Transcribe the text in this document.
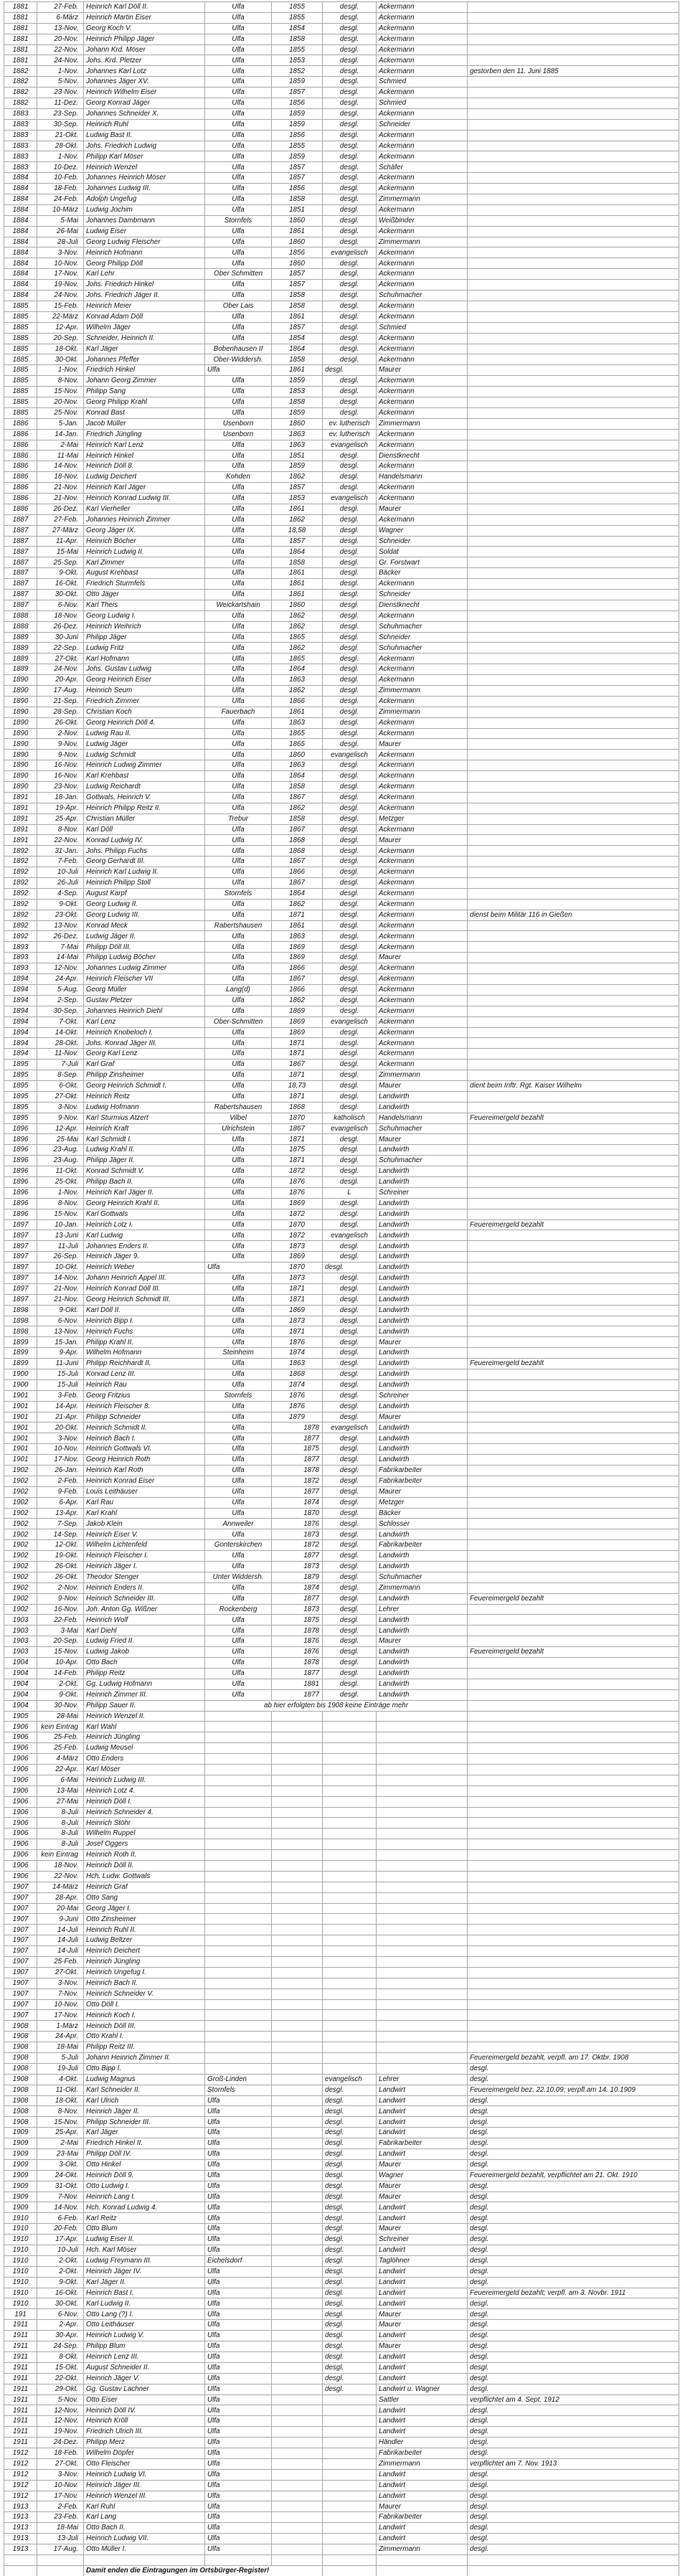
1881	27-Feb.	Heinrich Karl Döll II.	Ulfa	1855	desgl.	Ackermann	
1881	6-März	Heinrich Martin Eiser	Ulfa	1855	desgl.	Ackermann	
1881	13-Nov.	Georg Koch V.	Ulfa	1854	desgl.	Ackermann	
1881	20-Nov.	Heinrich Philipp Jäger	Ulfa	1858	desgl.	Ackermann	
1881	22-Nov.	Johann Krd. Möser	Ulfa	1855	desgl.	Ackermann	
1881	24-Nov.	Johs. Krd. Pletzer	Ulfa	1853	desgl.	Ackermann	
1882	1-Nov.	Johannes Karl Lotz	Ulfa	1852	desgl.	Ackermann	gestorben den 11. Juni 1885
1882	5-Nov.	Johannes Jäger XV.	Ulfa	1859	desgl.	Schmied	
1882	23-Nov.	Heinrich Wilhelm Eiser	Ulfa	1857	desgl.	Ackermann	
1882	11-Dez.	Georg Konrad Jäger	Ulfa	1856	desgl.	Schmied	
1883	23-Sep.	Johannes Schneider X.	Ulfa	1859	desgl.	Ackermann	
1883	30-Sep.	Heinrich Ruhl	Ulfa	1859	desgl.	Schneider	
1883	21-Okt.	Ludwig Bast II.	Ulfa	1856	desgl.	Ackermann	
1883	28-Okt.	Johs. Friedrich Ludwig	Ulfa	1855	desgl.	Ackermann	
1883	1-Nov.	Philipp Karl Möser	Ulfa	1859	desgl.	Ackermann	
1883	10-Dez.	Heinrich Wenzel	Ulfa	1857	desgl.	Schäfer	
1884	10-Feb.	Johannes Heinrich Möser	Ulfa	1857	desgl.	Ackermann	
1884	18-Feb.	Johannes Ludwig III.	Ulfa	1856	desgl.	Ackermann	
1884	24-Feb.	Adolph Ungefug	Ulfa	1858	desgl.	Zimmermann	
1884	10-März	Ludwig Jochim	Ulfa	1851	desgl.	Ackermann	
1884	5-Mai	Johannes Dambmann	Stornfels	1860	desgl.	Weißbinder	
1884	26-Mai	Ludwig Eiser	Ulfa	1861	desgl.	Ackermann	
1884	28-Juli	Georg Ludwig Fleischer	Ulfa	1860	desgl.	Zimmermann	
1884	3-Nov.	Heinrich Hofmann	Ulfa	1856	evangelisch	Ackermann	
1884	10-Nov.	Georg Philipp Döll	Ulfa	1860	desgl.	Ackermann	
1884	17-Nov.	Karl Lehr	Ober Schmitten	1857	desgl.	Ackermann	
1884	19-Nov.	Johs. Friedrich Hinkel	Ulfa	1857	desgl.	Ackermann	
1884	24-Nov.	Johs. Friedrich Jäger II.	Ulfa	1858	desgl.	Schuhmacher	
1885	15-Feb.	Heinrich Meier	Ober Lais	1858	desgl.	Ackermann	
1885	22-März	Konrad Adam Döll	Ulfa	1861	desgl.	Ackermann	
1885	12-Apr.	Wilhelm Jäger	Ulfa	1857	desgl.	Schmied	
1885	20-Sep.	Schneider, Heinrich II.	Ulfa	1854	desgl.	Ackermann	
1885	18-Okt.	Karl Jäger	Bobenhausen II	1864	desgl.	Ackermann	
1885	30-Okt.	Johannes Pfeffer	Ober-Widdersh.	1858	desgl.	Ackermann	
1885	1-Nov.	Friedrich Hinkel	Ulfa	1861	desgl.	Maurer	
1885	8-Nov.	Johann Georg Zimmer	Ulfa	1859	desgl.	Ackermann	
1885	15-Nov.	Philipp Sang	Ulfa	1853	desgl.	Ackermann	
1885	20-Nov.	Georg Philipp Krahl	Ulfa	1858	desgl.	Ackermann	
1885	25-Nov.	Konrad Bast	Ulfa	1859	desgl.	Ackermann	
1886	5-Jan.	Jacob Müller	Usenborn	1860	ev. lutherisch	Zimmermann	
1886	14-Jan.	Friedrich Jüngling	Usenborn	1863	ev. lutherisch	Ackermann	
1886	2-Mai	Heinrich Karl Lenz	Ulfa	1863	evangelisch	Ackermann	
1886	11-Mai	Heinrich Hinkel	Ulfa	1851	desgl.	Dienstknecht	
1886	14-Nov.	Heinrich Döll 8.	Ulfa	1859	desgl.	Ackermann	
1886	18-Nov.	Ludwig Deichert	Kohden	1862	desgl.	Handelsmann	
1886	21-Nov.	Heinrich Karl Jäger	Ulfa	1857	desgl.	Ackermann	
1886	21-Nov.	Heinrich Konrad Ludwig III.	Ulfa	1853	evangelisch	Ackermann	
1886	26-Dez.	Karl Vierheller	Ulfa	1861	desgl.	Maurer	
1887	27-Feb.	Johannes Heinrich Zimmer	Ulfa	1862	desgl.	Ackermann	
1887	27-März	Georg Jäger IX.	Ulfa	18,58	desgl.	Wagner	
1887	11-Apr.	Heinrich Böcher	Ulfa	1857	desgl.	Schneider	
1887	15-Mai	Heinrich Ludwig II.	Ulfa	1864	desgl.	Soldat	
1887	25-Sep.	Karl Zimmer	Ulfa	1858	desgl.	Gr. Forstwart	
1887	9-Okt.	August Krehbast	Ulfa	1861	desgl.	Bäcker	
1887	16-Okt.	Friedrich Sturmfels	Ulfa	1861	desgl.	Ackermann	
1887	30-Okt.	Otto Jäger	Ulfa	1861	desgl.	Schneider	
1887	6-Nov.	Karl Theis	Weickartshain	1860	desgl.	Dienstknecht	
1888	18-Nov.	Georg Ludwig I.	Ulfa	1862	desgl.	Ackermann	
1888	26-Dez.	Heinrich Weihrich	Ulfa	1862	desgl.	Schuhmacher	
1889	30-Juni	Philipp Jäger	Ulfa	1865	desgl.	Schneider	
1889	22-Sep.	Ludwig Fritz	Ulfa	1862	desgl.	Schuhmacher	
1889	27-Okt.	Karl Hofmann	Ulfa	1865	desgl.	Ackermann	
1889	24-Nov.	Johs. Gustav Ludwig	Ulfa	1864	desgl.	Ackermann	
1890	20-Apr.	Georg Heinrich Eiser	Ulfa	1863	desgl.	Ackermann	
1890	17-Aug.	Heinrich Seum	Ulfa	1862	desgl.	Zimmermann	
1890	21-Sep.	Friedrich Zimmer	Ulfa	1866	desgl.	Ackermann	
1890	28-Sep.	Christian Koch	Fauerbach	1861	desgl.	Zimmermann	
1890	26-Okt.	Georg Heinrich Döll 4.	Ulfa	1863	desgl.	Ackermann	
1890	2-Nov.	Ludwig Rau II.	Ulfa	1865	desgl.	Ackermann	
1890	9-Nov.	Ludwig Jäger	Ulfa	1865	desgl.	Maurer	
1890	9-Nov.	Ludwig Schmidt	Ulfa	1860	evangelisch	Ackermann	
1890	16-Nov.	Heinrich Ludwig Zimmer	Ulfa	1863	desgl.	Ackermann	
1890	16-Nov.	Karl Krehbast	Ulfa	1864	desgl.	Ackermann	
1890	23-Nov.	Ludwig Reichardt	Ulfa	1858	desgl.	Ackermann	
1891	18-Jan.	Gottwals, Heinrich V.	Ulfa	1867	desgl.	Ackermann	
1891	19-Apr.	Heinrich Philipp Reitz II.	Ulfa	1862	desgl.	Ackermann	
1891	25-Apr.	Christian Müller	Trebur	1858	desgl.	Metzger	
1891	8-Nov.	Karl Döll	Ulfa	1867	desgl.	Ackermann	
1891	22-Nov.	Konrad Ludwig IV.	Ulfa	1868	desgl.	Maurer	
1892	31-Jan.	Johs. Philipp Fuchs	Ulfa	1868	desgl.	Ackermann	
1892	7-Feb.	Georg Gerhardt III.	Ulfa	1867	desgl.	Ackermann	
1892	10-Juli	Heinrich Karl Ludwig II.	Ulfa	1866	desgl.	Ackermann	
1892	26-Juli	Heinrich Philipp Stoll	Ulfa	1867	desgl.	Ackermann	
1892	4-Sep.	August Karpf	Stornfels	1864	desgl.	Ackermann	
1892	9-Okt.	Georg Ludwig II.	Ulfa	1862	desgl.	Ackermann	
1892	23-Okt.	Georg Ludwig III.	Ulfa	1871	desgl.	Ackermann	dienst beim Militär 116 in Gießen
1892	13-Nov.	Konrad Meck	Rabertshausen	1861	desgl.	Ackermann	
1892	26-Dez.	Ludwig Jäger II.	Ulfa	1863	desgl.	Ackermann	
1893	7-Mai	Philipp Döll III.	Ulfa	1869	desgl.	Ackermann	
1893	14-Mai	Philipp Ludwig Böcher	Ulfa	1869	desgl.	Maurer	
1893	12-Nov.	Johannes Ludwig Zimmer	Ulfa	1866	desgl.	Ackermann	
1894	24-Apr.	Heinrich Fleischer VII	Ulfa	1867	desgl.	Ackermann	
1894	5-Aug.	Georg Müller	Lang(d)	1866	desgl.	Ackermann	
1894	2-Sep.	Gustav Pletzer	Ulfa	1862	desgl.	Ackermann	
1894	30-Sep.	Johannes Heinrich Diehl	Ulfa	1869	desgl.	Ackermann	
1894	7-Okt.	Karl Lenz	Ober-Schmitten	1869	evangelisch	Ackermann	
1894	14-Okt.	Heinrich Knobeloch I.	Ulfa	1869	desgl.	Ackermann	
1894	28-Okt.	Johs. Konrad Jäger III.	Ulfa	1871	desgl.	Ackermann	
1894	11-Nov.	Georg Karl Lenz	Ulfa	1871	desgl.	Ackermann	
1895	7-Juli	Karl Graf	Ulfa	1867	desgl.	Ackermann	
1895	8-Sep.	Philipp Zinsheimer	Ulfa	1871	desgl.	Zimmermann	
1895	6-Okt.	Georg Heinrich Schmidt I.	Ulfa	18,73	desgl.	Maurer	dient beim Inftr. Rgt. Kaiser Wilhelm
1895	27-Okt.	Heinrich Reitz	Ulfa	1871	desgl.	Landwirth	
1895	3-Nov.	Ludwig Hofmann	Rabertshausen	1868	desgl.	Landwirth	
1895	9-Nov.	Karl Sturmius Atzert	Vilbel	1870	katholisch	Handelsmann	Feuereimergeld bezahlt
1896	12-Apr.	Heinrich Kraft	Ulrichstein	1867	evangelisch	Schuhmacher	
1896	25-Mai	Karl Schmidt I.	Ulfa	1871	desgl.	Maurer	
1896	23-Aug.	Ludwig Krahl II.	Ulfa	1875	desgl.	Landwirth	
1896	23-Aug.	Philipp Jäger II.	Ulfa	1871	desgl.	Schuhmacher	
1896	11-Okt.	Konrad Schmidt V.	Ulfa	1872	desgl.	Landwirth	
1896	25-Okt.	Philipp Bach II.	Ulfa	1876	desgl.	Landwirth	
1896	1-Nov.	Heinrich Karl Jäger II.	Ulfa	1876	L	Schreiner	
1896	8-Nov.	Georg Heinrich Krahl II.	Ulfa	1869	desgl.	Landwirth	
1896	15-Nov.	Karl Gottwals	Ulfa	1872	desgl.	Landwirth	
1897	10-Jan.	Heinrich Lotz I.	Ulfa	1870	desgl.	Landwirth	Feuereimergeld bezahlt
1897	13-Juni	Karl Ludwig	Ulfa	1872	evangelisch	Landwirth	
1897	11-Juli	Johannes Enders II.	Ulfa	1873	desgl.	Landwirth	
1897	26-Sep.	Heinrich Jäger 9.	Ulfa	1869	desgl.	Landwirth	
1897	10-Okt.	Heinrich Weber	Ulfa	1870	desgl.	Landwirth	
1897	14-Nov.	Johann Heinrich Appel III.	Ulfa	1873	desgl.	Landwirth	
1897	21-Nov.	Heinrich Konrad Döll III.	Ulfa	1871	desgl.	Landwirth	
1897	21-Nov.	Georg Heinrich Schmidt III.	Ulfa	1871	desgl.	Landwirth	
1898	9-Okt.	Karl Döll II.	Ulfa	1869	desgl.	Landwirth	
1898	6-Nov.	Heinrich Bipp I.	Ulfa	1873	desgl.	Landwirth	
1898	13-Nov.	Heinrich Fuchs	Ulfa	1871	desgl.	Landwirth	
1899	15-Jan.	Philipp Krahl II.	Ulfa	1876	desgl.	Maurer	
1899	9-Apr.	Wilhelm Hofmann	Steinheim	1874	desgl.	Landwirth	
1899	11-Juni	Philipp Reichhardt II.	Ulfa	1863	desgl.	Landwirth	Feuereimergeld bezahlt
1900	15-Juli	Konrad Lenz III.	Ulfa	1868	desgl.	Landwirth	
1900	15-Juli	Heinrich Rau	Ulfa	1874	desgl.	Landwirth	
1901	3-Feb.	Georg Fritzius	Stornfels	1876	desgl.	Schreiner	
1901	14-Apr.	Heinrich Fleischer 8.	Ulfa	1876	desgl.	Landwirth	
1901	21-Apr.	Philipp Schneider	Ulfa	1879	desgl.	Maurer	
1901	20-Okt.	Heinrich Schmidt II.	Ulfa	1878	evangelisch	Landwirth	
1901	3-Nov.	Heinrich Bach I.	Ulfa	1877	desgl.	Landwirth	
1901	10-Nov.	Heinrich Gottwals VI.	Ulfa	1875	desgl.	Landwirth	
1901	17-Nov.	Georg Heinrich Roth	Ulfa	1877	desgl.	Landwirth	
1902	26-Jan.	Heinrich Karl Roth	Ulfa	1878	desgl.	Fabrikarbeiter	
1902	2-Feb.	Heinrich Konrad Eiser	Ulfa	1872	desgl.	Fabrikarbeiter	
1902	9-Feb.	Louis Leithäuser	Ulfa	1877	desgl.	Maurer	
1902	6-Apr.	Karl Rau	Ulfa	1874	desgl.	Metzger	
1902	13-Apr.	Karl Krahl	Ulfa	1870	desgl.	Bäcker	
1902	7-Sep.	Jakob Klein	Annweiler	1876	desgl.	Schlosser	
1902	14-Sep.	Heinrich Eiser V.	Ulfa	1873	desgl.	Landwirth	
1902	12-Okt.	Wilhelm Lichtenfeld	Gonterskirchen	1872	desgl.	Fabrikarbeiter	
1902	19-Okt.	Heinrich Fleischer I.	Ulfa	1877	desgl.	Landwirth	
1902	26-Okt.	Heinrich Jäger I.	Ulfa	1873	desgl.	Landwirth	
1902	26-Okt.	Theodor Stenger	Unter Widdersh.	1879	desgl.	Schuhmacher	
1902	2-Nov.	Heinrich Enders II.	Ulfa	1874	desgl.	Zimmermann	
1902	9-Nov.	Heinrich Schneider III.	Ulfa	1877	desgl.	Landwirth	Feuereimergeld bezahlt
1902	16-Nov.	Joh. Anton Gg. Wißner	Rockenberg	1873	desgl.	Lehrer	
1903	22-Feb.	Heinrich Wolf	Ulfa	1875	desgl.	Landwirth	
1903	3-Mai	Karl Diehl	Ulfa	1878	desgl.	Landwirth	
1903	20-Sep.	Ludwig Fried II.	Ulfa	1876	desgl.	Maurer	
1903	15-Nov.	Ludwig Jakob	Ulfa	1876	desgl.	Landwirth	Feuereimergeld bezahlt
1904	10-Apr.	Otto Bach	Ulfa	1878	desgl.	Landwirth	
1904	14-Feb.	Philipp Reitz	Ulfa	1877	desgl.	Landwirth	
1904	2-Okt.	Gg. Ludwig Hofmann	Ulfa	1881	desgl.	Landwirth	
1904	9-Okt.	Heinrich Zimmer III.	Ulfa	1877	desgl.	Landwirth	
1904	30-Nov.	Philipp Sauer II.	ab hier erfolgten bis 1908 keine Einträge mehr				
1905	28-Mai	Heinrich Wenzel II.					
1906	kein Eintrag	Karl Wahl					
1906	25-Feb.	Heinrich Jüngling					
1906	25-Feb.	Ludwig Meusel					
1906	4-März	Otto Enders					
1906	22-Apr.	Karl Möser					
1906	6-Mai	Heinrich Ludwig III.					
1906	13-Mai	Heinrich Lotz 4.					
1906	27-Mai	Heinrich Döll I.					
1906	8-Juli	Heinrich Schneider 4.					
1906	8-Juli	Heinrich Stöhr					
1906	8-Juli	Wilhelm Ruppel					
1906	8-Juli	Josef Oggers					
1906	kein Eintrag	Heinrich Roth II.					
1906	18-Nov.	Heinrich Döll II.					
1906	22-Nov.	Hch. Ludw. Gottwals					
1907	14-März	Heinrich Graf					
1907	28-Apr.	Otto Sang					
1907	20-Mai	Georg Jäger I.					
1907	9-Juni	Otto Zinsheimer					
1907	14-Juli	Heinrich Ruhl II.					
1907	14-Juli	Ludwig Beltzer					
1907	14-Juli	Heinrich Deichert					
1907	25-Feb.	Heinrich Jüngling					
1907	27-Okt.	Heinrich Ungefug I.					
1907	3-Nov.	Heinrich Bach II.					
1907	7-Nov.	Heinrich Schneider V.					
1907	10-Nov.	Otto Döll I.					
1907	17-Nov.	Heinrich Koch I.					
1908	1-März	Heinrich Döll III.					
1908	24-Apr.	Otto Krahl I.					
1908	18-Mai	Philipp Reitz III.					
1908	5-Juli	Johann Heinrich Zimmer II.					Feuereimergeld bezahlt, verpfl. am 17. Oktbr. 1908
1908	19-Juli	Otto Bipp I.					desgl.
1908	4-Okt.	Ludwig Magnus	Groß-Linden		evangelisch	Lehrer	desgl.
1908	11-Okt.	Karl Schneider II.	Stornfels		desgl.	Landwirt	Feuereimergeld bez. 22.10.09; verpfl.am 14. 10.1909
1908	18-Okt.	Karl Ulrich	Ulfa		desgl.	Landwirt	desgl.
1908	8-Nov.	Heinrich Jäger II.	Ulfa		desgl.	Landwirt	desgl.
1908	15-Nov.	Philipp Schneider III.	Ulfa		desgl.	Landwirt	desgl.
1909	25-Apr.	Karl Jäger	Ulfa		desgl.	Landwirt	desgl.
1909	2-Mai	Friedrich Hinkel II.	Ulfa		desgl.	Fabrikarbeiter	desgl.
1909	23-Mai	Philipp Döll IV.	Ulfa		desgl.	Landwirt	desgl.
1909	3-Okt.	Otto Hinkel	Ulfa		desgl.	Maurer	desgl.
1909	24-Okt.	Heinrich Döll 9.	Ulfa		desgl.	Wagner	Feuereimergeld bezahlt, verpflichtet am 21. Okt. 1910
1909	31-Okt.	Otto Ludwig I.	Ulfa		desgl.	Maurer	desgl.
1909	7-Nov.	Heinrich Lang I.	Ulfa		desgl.	Maurer	desgl.
1909	14-Nov.	Hch. Konrad Ludwig 4.	Ulfa		desgl.	Landwirt	desgl.
1910	6-Feb.	Karl Reitz	Ulfa		desgl.	Landwirt	desgl.
1910	20-Feb.	Otto Blum	Ulfa		desgl.	Maurer	desgl.
1910	17-Apr.	Ludwig Eiser II.	Ulfa		desgl.	Schreiner	desgl.
1910	10-Juli	Hch. Karl Möser	Ulfa		desgl.	Landwirt	desgl.
1910	2-Okt.	Ludwig Freymann III.	Eichelsdorf		desgl.	Taglöhner	desgl.
1910	2-Okt.	Heinrich Jäger IV.	Ulfa		desgl.	Landwirt	desgl.
1910	9-Okt.	Karl Jäger II.	Ulfa		desgl.	Landwirt	desgl.
1910	16-Okt.	Heinrich Bast I.	Ulfa		desgl.	Landwirt	Feuereimergeld bezahlt; verpfl. am 3. Novbr. 1911
1910	30-Okt.	Karl Ludwig II.	Ulfa		desgl.	Landwirt	desgl.
191	6-Nov.	Otto Lang (?) I.	Ulfa		desgl.	Maurer	desgl.
1911	2-Apr.	Otto Leithäuser	Ulfa		desgl.	Maurer	desgl.
1911	30-Apr.	Heinrich Ludwig V.	Ulfa		desgl.	Landwirt	desgl.
1911	24-Sep.	Philipp Blum	Ulfa		desgl.	Maurer	desgl.
1911	8-Okt.	Heinrich Lenz III.	Ulfa		desgl.	Landwirt	desgl.
1911	15-Okt.	August Schneider II.	Ulfa		desgl.	Landwirt	desgl.
1911	22-Okt.	Heinrich Jäger V.	Ulfa		desgl.	Landwirt	desgl.
1911	29-Okt.	Gg. Gustav Lachner	Ulfa		desgl.	Landwirt u. Wagner	desgl.
1911	5-Nov.	Otto Eiser	Ulfa			Sattler	verpflichtet am 4. Sept. 1912
1911	12-Nov.	Heinrich Döll IV.	Ulfa			Landwirt	desgl.
1911	12-Nov.	Heinrich Kröll	Ulfa			Landwirt	desgl.
1911	19-Nov.	Friedrich Ulrich III.	Ulfa			Landwirt	desgl.
1911	24-Dez.	Philipp Merz	Ulfa			Händler	desgl.
1912	18-Feb.	Wilhelm Döpfer	Ulfa			Fabrikarbeiter	desgl.
1912	27-Okt.	Otto Fleischer	Ulfa			Zimmermann	verpflichtet am 7. Nov. 1913
1912	3-Nov.	Heinrich Ludwig VI.	Ulfa			Landwirt	desgl.
1912	10-Nov.	Heinrich Jäger III.	Ulfa			Landwirt	desgl.
1912	17-Nov.	Heinrich Wenzel III.	Ulfa			Landwirt	desgl.
1913	2-Feb.	Karl Ruhl	Ulfa			Maurer	desgl.
1913	23-Feb.	Karl Lang	Ulfa			Fabrikarbeiter	desgl.
1913	18-Mai	Otto Bach II.	Ulfa			Landwirt	desgl.
1913	13-Juli	Heinrich Ludwig VII.	Ulfa			Landwirt	desgl.
1913	17-Aug.	Otto Müller I.	Ulfa			Zimmermann	desgl.

		Damit enden die Eintragungen im Ortsbürger-Register!					
